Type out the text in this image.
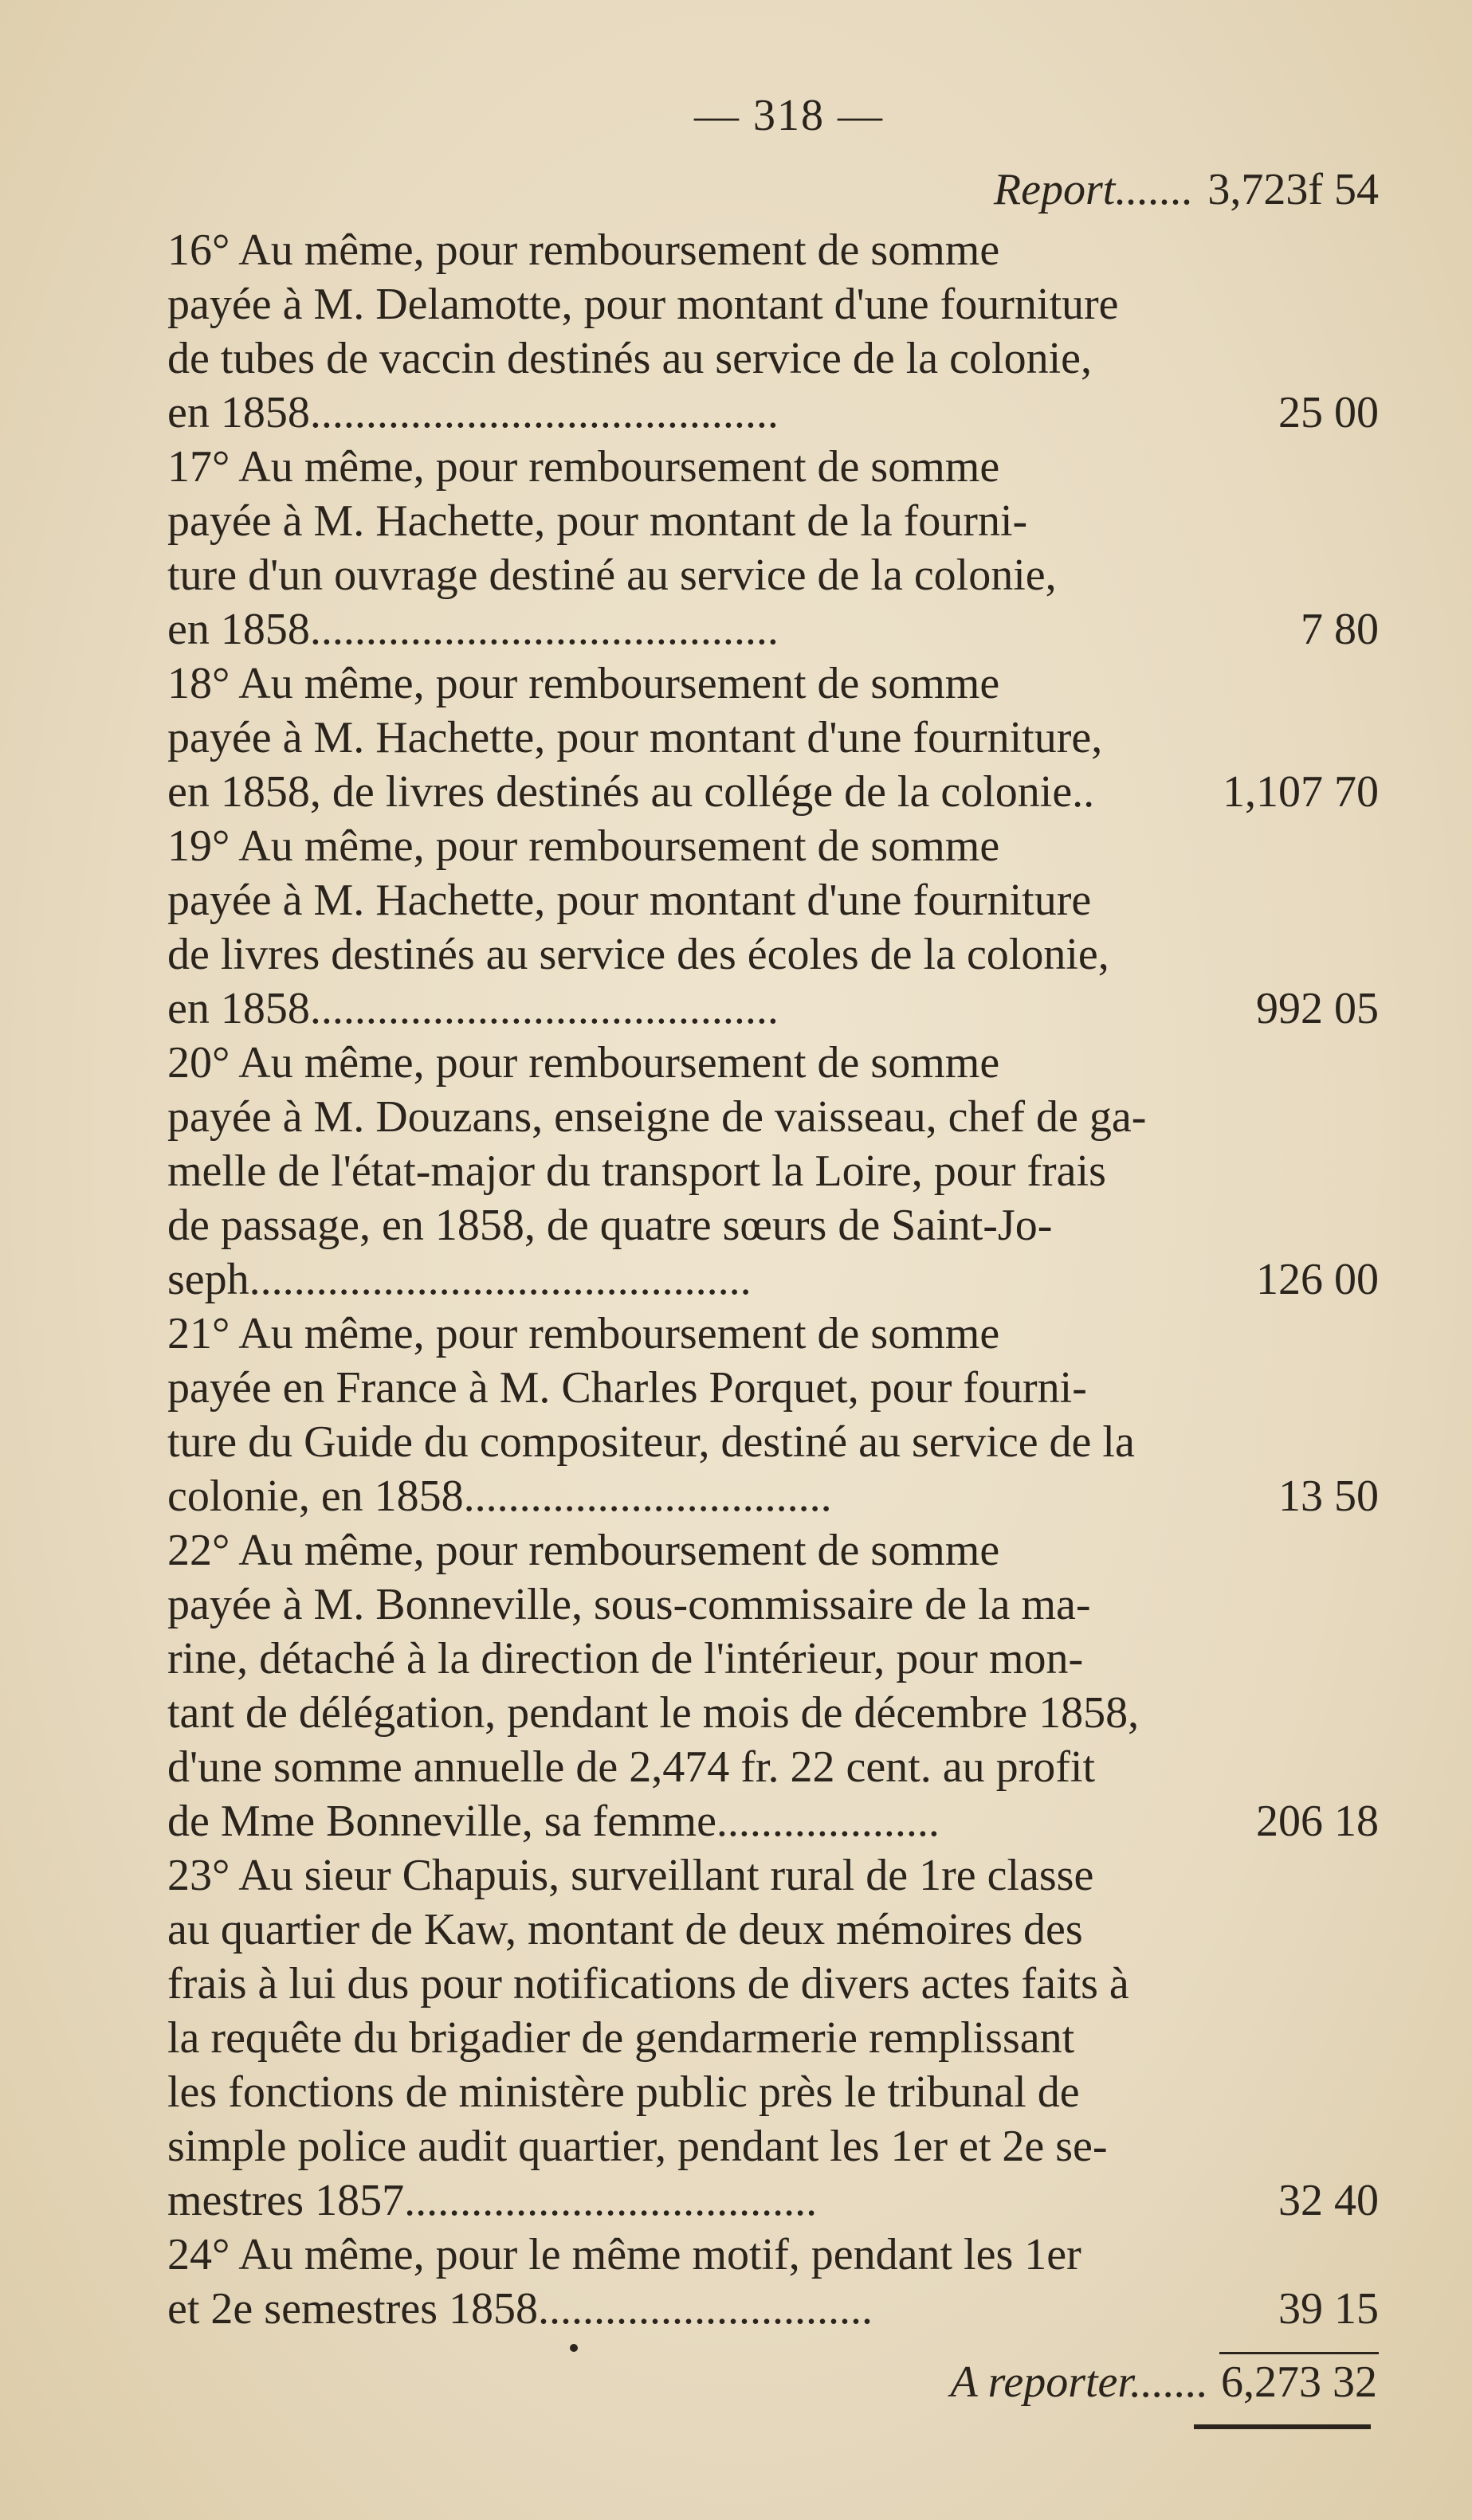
— 318 —
Report....... 3,723f 54
16° Au même, pour remboursement de somme
payée à M. Delamotte, pour montant d'une fourniture
de tubes de vaccin destinés au service de la colonie,
en 1858..........................................	25 00
17° Au même, pour remboursement de somme
payée à M. Hachette, pour montant de la fourni-
ture d'un ouvrage destiné au service de la colonie,
en 1858..........................................	7 80
18° Au même, pour remboursement de somme
payée à M. Hachette, pour montant d'une fourniture,
en 1858, de livres destinés au collége de la colonie..	1,107 70
19° Au même, pour remboursement de somme
payée à M. Hachette, pour montant d'une fourniture
de livres destinés au service des écoles de la colonie,
en 1858..........................................	992 05
20° Au même, pour remboursement de somme
payée à M. Douzans, enseigne de vaisseau, chef de ga-
melle de l'état-major du transport la Loire, pour frais
de passage, en 1858, de quatre sœurs de Saint-Jo-
seph.............................................	126 00
21° Au même, pour remboursement de somme
payée en France à M. Charles Porquet, pour fourni-
ture du Guide du compositeur, destiné au service de la
colonie, en 1858.................................	13 50
22° Au même, pour remboursement de somme
payée à M. Bonneville, sous-commissaire de la ma-
rine, détaché à la direction de l'intérieur, pour mon-
tant de délégation, pendant le mois de décembre 1858,
d'une somme annuelle de 2,474 fr. 22 cent. au profit
de Mme Bonneville, sa femme....................	206 18
23° Au sieur Chapuis, surveillant rural de 1re classe
au quartier de Kaw, montant de deux mémoires des
frais à lui dus pour notifications de divers actes faits à
la requête du brigadier de gendarmerie remplissant
les fonctions de ministère public près le tribunal de
simple police audit quartier, pendant les 1er et 2e se-
mestres 1857.....................................	32 40
24° Au même, pour le même motif, pendant les 1er
et 2e semestres 1858..............................	39 15
A reporter....... 6,273 32
